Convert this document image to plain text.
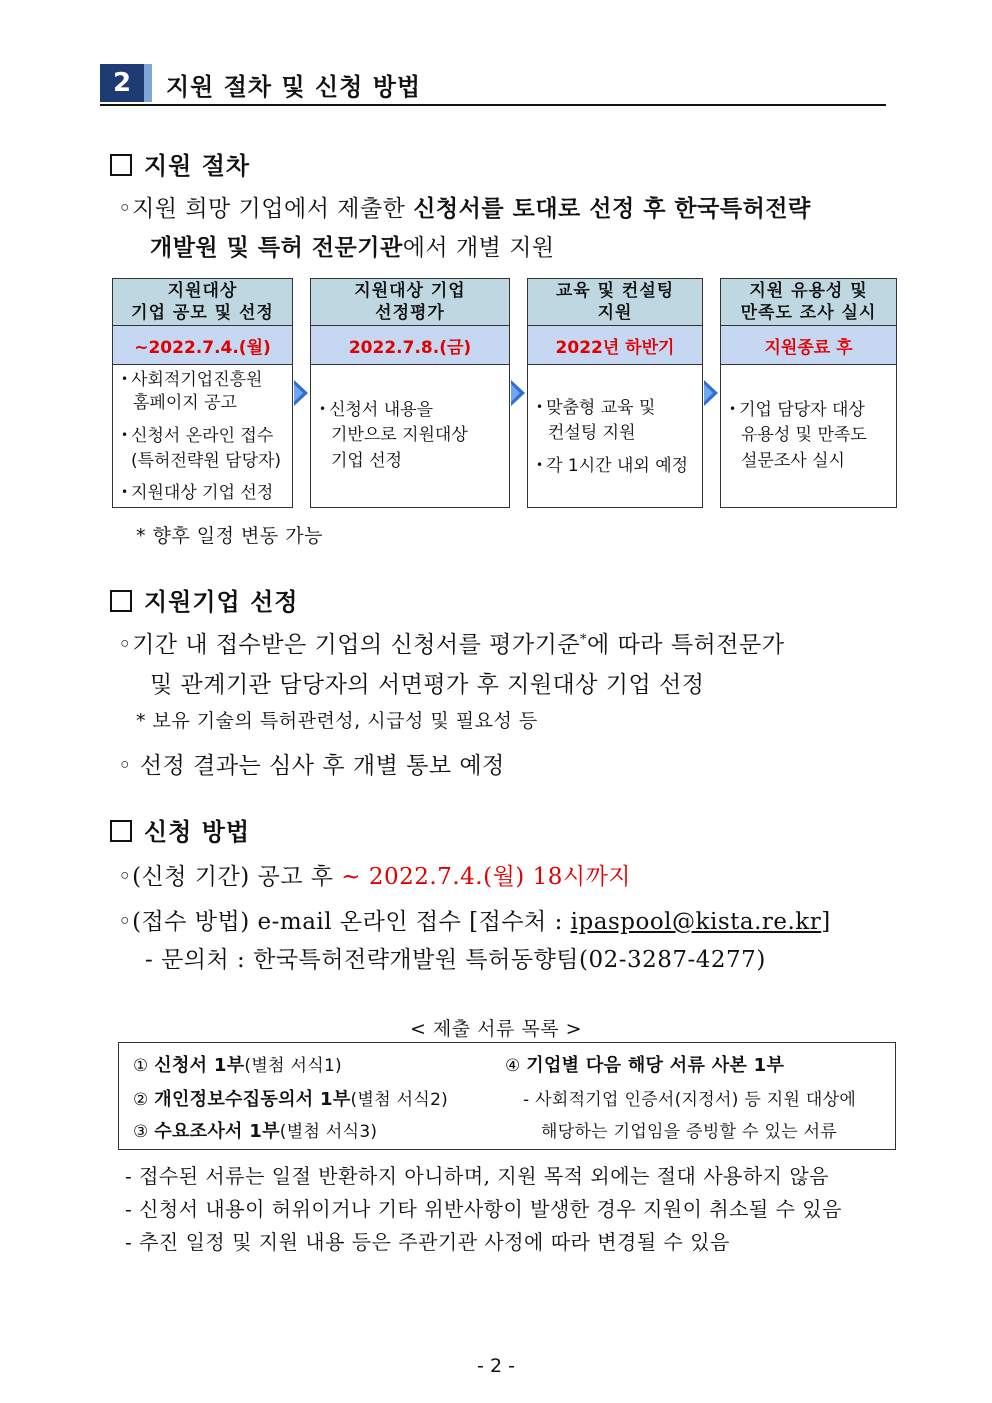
2	지원 절차 및 신청 방법
지원 절차
◦지원 희망 기업에서 제출한 신청서를 토대로 선정 후 한국특허전략
개발원 및 특허 전문기관에서 개별 지원
지원대상
기업 공모 및 선정
~2022.7.4.(월)
• 사회적기업진흥원
홈페이지 공고
• 신청서 온라인 접수
(특허전략원 담당자)
• 지원대상 기업 선정
지원대상 기업
선정평가
2022.7.8.(금)
• 신청서 내용을
기반으로 지원대상
기업 선정
교육 및 컨설팅
지원
2022년 하반기
• 맞춤형 교육 및
컨설팅 지원
• 각 1시간 내외 예정
지원 유용성 및
만족도 조사 실시
지원종료 후
• 기업 담당자 대상
유용성 및 만족도
설문조사 실시
* 향후 일정 변동 가능
지원기업 선정
◦기간 내 접수받은 기업의 신청서를 평가기준*에 따라 특허전문가
및 관계기관 담당자의 서면평가 후 지원대상 기업 선정
* 보유 기술의 특허관련성, 시급성 및 필요성 등
◦ 선정 결과는 심사 후 개별 통보 예정
신청 방법
◦(신청 기간) 공고 후 ~ 2022.7.4.(월) 18시까지
◦(접수 방법) e-mail 온라인 접수 [접수처 : ipaspool@kista.re.kr]
- 문의처 : 한국특허전략개발원 특허동향팀(02-3287-4277)
< 제출 서류 목록 >
① 신청서 1부(별첨 서식1)
② 개인정보수집동의서 1부(별첨 서식2)
③ 수요조사서 1부(별첨 서식3)
④ 기업별 다음 해당 서류 사본 1부
- 사회적기업 인증서(지정서) 등 지원 대상에
해당하는 기업임을 증빙할 수 있는 서류
- 접수된 서류는 일절 반환하지 아니하며, 지원 목적 외에는 절대 사용하지 않음
- 신청서 내용이 허위이거나 기타 위반사항이 발생한 경우 지원이 취소될 수 있음
- 추진 일정 및 지원 내용 등은 주관기관 사정에 따라 변경될 수 있음
- 2 -
